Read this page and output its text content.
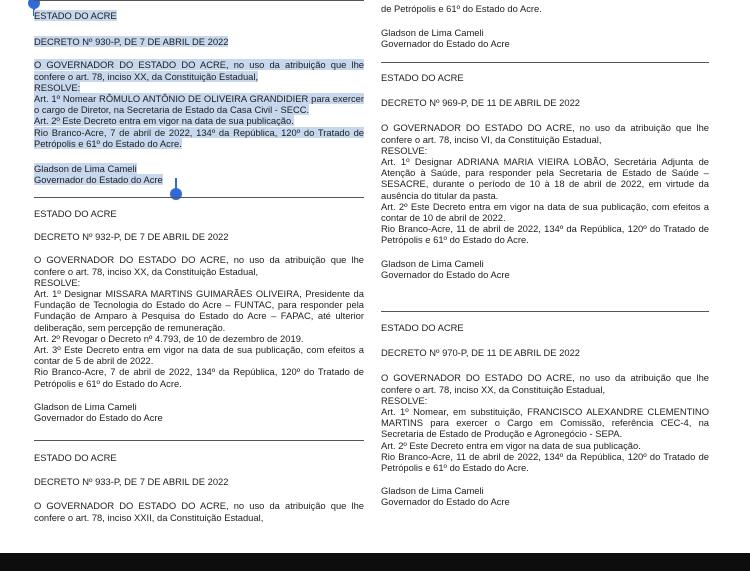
ESTADO DO ACRE

DECRETO Nº 930-P, DE 7 DE ABRIL DE 2022

O GOVERNADOR DO ESTADO DO ACRE, no uso da atribuição que lhe confere o art. 78, inciso XX, da Constituição Estadual,

RESOLVE:

Art. 1º Nomear RÔMULO ANTÔNIO DE OLIVEIRA GRANDIDIER para exercer o cargo de Diretor, na Secretaria de Estado da Casa Civil - SECC.

Art. 2º Este Decreto entra em vigor na data de sua publicação.

Rio Branco-Acre, 7 de abril de 2022, 134º da República, 120º do Tratado de Petrópolis e 61º do Estado do Acre.

Gladson de Lima Cameli

Governador do Estado do Acre

ESTADO DO ACRE

DECRETO Nº 932-P, DE 7 DE ABRIL DE 2022

O GOVERNADOR DO ESTADO DO ACRE, no uso da atribuição que lhe confere o art. 78, inciso XX, da Constituição Estadual,

RESOLVE:

Art. 1º Designar MISSARA MARTINS GUIMARÃES OLIVEIRA, Presidente da Fundação de Tecnologia do Estado do Acre – FUNTAC, para responder pela Fundação de Amparo à Pesquisa do Estado do Acre – FAPAC, até ulterior deliberação, sem percepção de remuneração.

Art. 2º Revogar o Decreto nº 4.793, de 10 de dezembro de 2019.

Art. 3º Este Decreto entra em vigor na data de sua publicação, com efeitos a contar de 5 de abril de 2022.

Rio Branco-Acre, 7 de abril de 2022, 134º da República, 120º do Tratado de Petrópolis e 61º do Estado do Acre.

Gladson de Lima Cameli

Governador do Estado do Acre

ESTADO DO ACRE

DECRETO Nº 933-P, DE 7 DE ABRIL DE 2022

O GOVERNADOR DO ESTADO DO ACRE, no uso da atribuição que lhe confere o art. 78, inciso XXII, da Constituição Estadual,

de Petrópolis e 61º do Estado do Acre.

Gladson de Lima Cameli

Governador do Estado do Acre

ESTADO DO ACRE

DECRETO Nº 969-P, DE 11 DE ABRIL DE 2022

O GOVERNADOR DO ESTADO DO ACRE, no uso da atribuição que lhe confere o art. 78, inciso VI, da Constituição Estadual,

RESOLVE:

Art. 1º Designar ADRIANA MARIA VIEIRA LOBÃO, Secretária Adjunta de Atenção à Saúde, para responder pela Secretaria de Estado de Saúde – SESACRE, durante o período de 10 à 18 de abril de 2022, em virtude da ausência do titular da pasta.

Art. 2º Este Decreto entra em vigor na data de sua publicação, com efeitos a contar de 10 de abril de 2022.

Rio Branco-Acre, 11 de abril de 2022, 134º da República, 120º do Tratado de Petrópolis e 61º do Estado do Acre.

Gladson de Lima Cameli

Governador do Estado do Acre

ESTADO DO ACRE

DECRETO Nº 970-P, DE 11 DE ABRIL DE 2022

O GOVERNADOR DO ESTADO DO ACRE, no uso da atribuição que lhe confere o art. 78, inciso XX, da Constituição Estadual,

RESOLVE:

Art. 1º Nomear, em substituição, FRANCISCO ALEXANDRE CLEMENTINO MARTINS para exercer o Cargo em Comissão, referência CEC-4, na Secretaria de Estado de Produção e Agronegócio - SEPA.

Art. 2º Este Decreto entra em vigor na data de sua publicação.

Rio Branco-Acre, 11 de abril de 2022, 134º da República, 120º do Tratado de Petrópolis e 61º do Estado do Acre.

Gladson de Lima Cameli

Governador do Estado do Acre
